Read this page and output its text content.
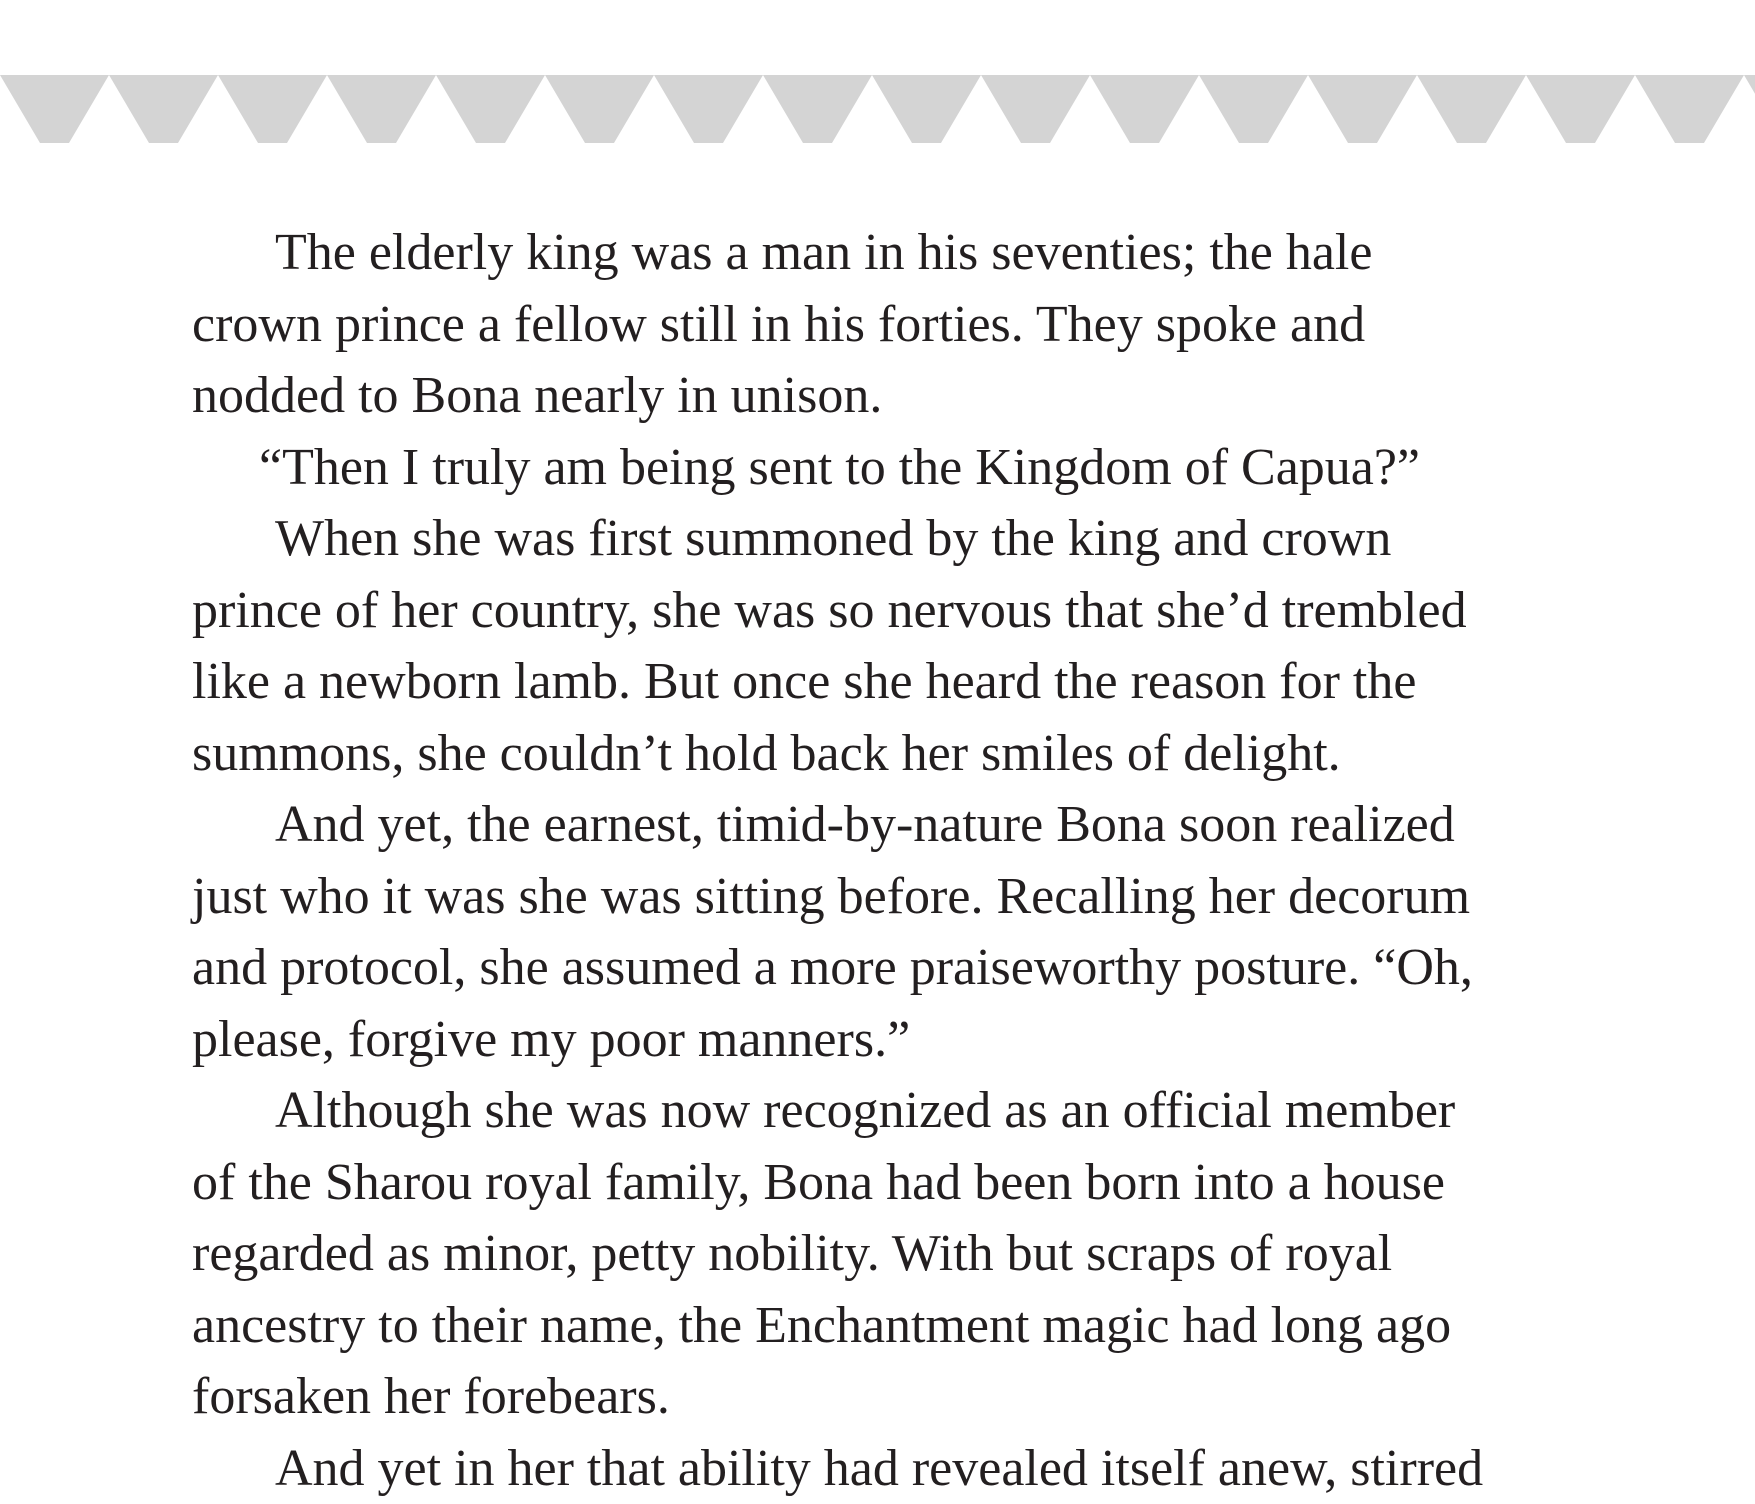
The elderly king was a man in his seventies; the hale
crown prince a fellow still in his forties. They spoke and
nodded to Bona nearly in unison.
“Then I truly am being sent to the Kingdom of Capua?”
When she was first summoned by the king and crown
prince of her country, she was so nervous that she’d trembled
like a newborn lamb. But once she heard the reason for the
summons, she couldn’t hold back her smiles of delight.
And yet, the earnest, timid-by-nature Bona soon realized
just who it was she was sitting before. Recalling her decorum
and protocol, she assumed a more praiseworthy posture. “Oh,
please, forgive my poor manners.”
Although she was now recognized as an official member
of the Sharou royal family, Bona had been born into a house
regarded as minor, petty nobility. With but scraps of royal
ancestry to their name, the Enchantment magic had long ago
forsaken her forebears.
And yet in her that ability had revealed itself anew, stirred
